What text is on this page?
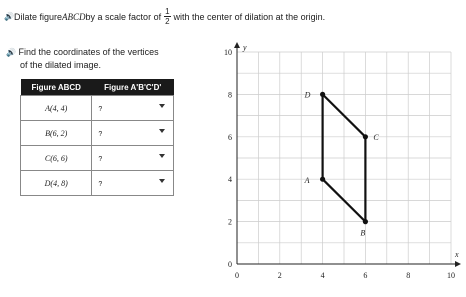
🔊 Dilate figure ABCD by a scale factor of $\frac{1}{2}$ with the center of dilation at the origin.
🔊 Find the coordinates of the vertices
of the dilated image.
Figure ABCD	Figure A'B'C'D'
A(4, 4)	?

B(6, 2)	?

C(6, 6)	?

D(4, 8)	?
x
y
0	2	4	6	8	10
0
2
4
6
8
10
A
B
C
D
